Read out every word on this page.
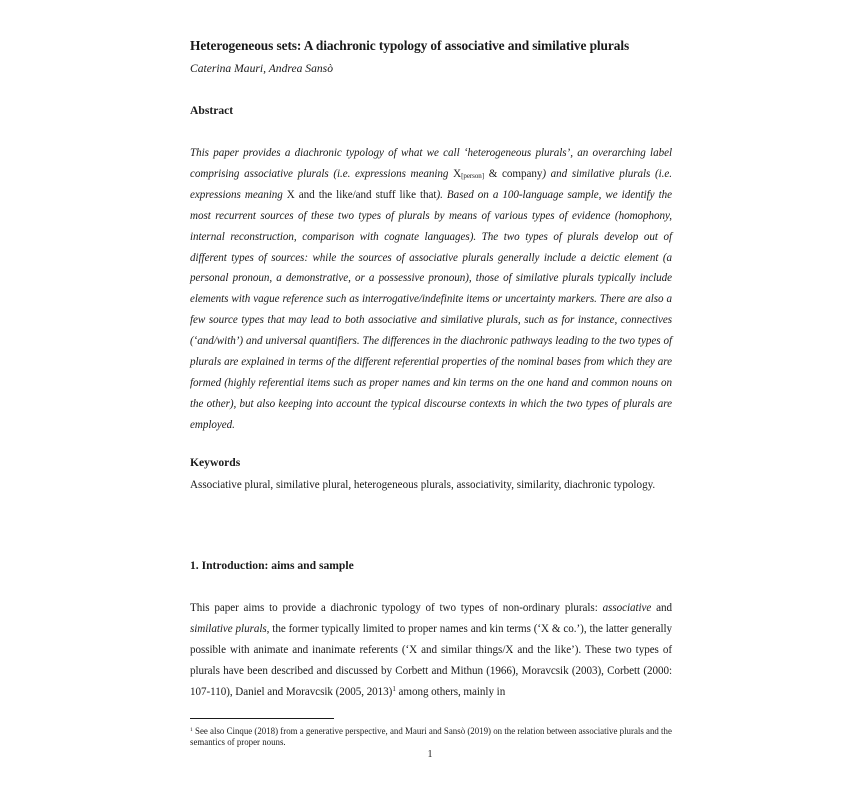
Heterogeneous sets: A diachronic typology of associative and similative plurals
Caterina Mauri, Andrea Sansò
Abstract
This paper provides a diachronic typology of what we call ‘heterogeneous plurals’, an overarching label comprising associative plurals (i.e. expressions meaning $X_{[person]}$ & company) and similative plurals (i.e. expressions meaning X and the like/and stuff like that). Based on a 100-language sample, we identify the most recurrent sources of these two types of plurals by means of various types of evidence (homophony, internal reconstruction, comparison with cognate languages). The two types of plurals develop out of different types of sources: while the sources of associative plurals generally include a deictic element (a personal pronoun, a demonstrative, or a possessive pronoun), those of similative plurals typically include elements with vague reference such as interrogative/indefinite items or uncertainty markers. There are also a few source types that may lead to both associative and similative plurals, such as for instance, connectives (‘and/with’) and universal quantifiers. The differences in the diachronic pathways leading to the two types of plurals are explained in terms of the different referential properties of the nominal bases from which they are formed (highly referential items such as proper names and kin terms on the one hand and common nouns on the other), but also keeping into account the typical discourse contexts in which the two types of plurals are employed.
Keywords
Associative plural, similative plural, heterogeneous plurals, associativity, similarity, diachronic typology.
1. Introduction: aims and sample
This paper aims to provide a diachronic typology of two types of non-ordinary plurals: associative and similative plurals, the former typically limited to proper names and kin terms (‘X & co.’), the latter generally possible with animate and inanimate referents (‘X and similar things/X and the like’). These two types of plurals have been described and discussed by Corbett and Mithun (1966), Moravcsik (2003), Corbett (2000: 107-110), Daniel and Moravcsik (2005, 2013)$^1$ among others, mainly in
$^1$ See also Cinque (2018) from a generative perspective, and Mauri and Sansò (2019) on the relation between associative plurals and the semantics of proper nouns.
1
